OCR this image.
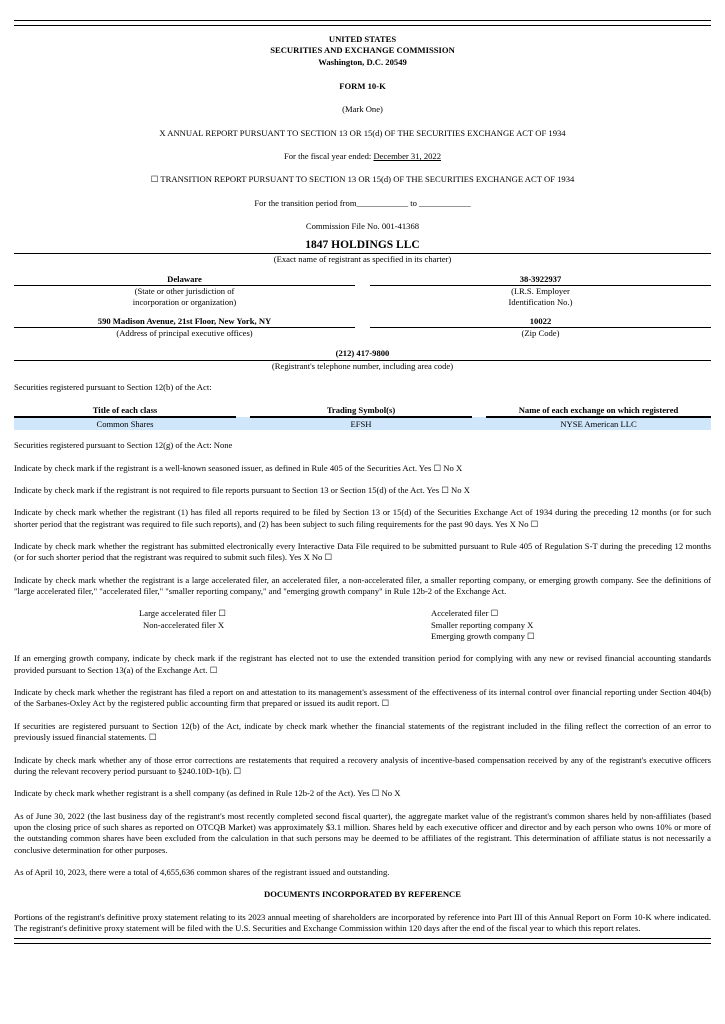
UNITED STATES
SECURITIES AND EXCHANGE COMMISSION
Washington, D.C. 20549
FORM 10-K
(Mark One)
X ANNUAL REPORT PURSUANT TO SECTION 13 OR 15(d) OF THE SECURITIES EXCHANGE ACT OF 1934
For the fiscal year ended: December 31, 2022
☐ TRANSITION REPORT PURSUANT TO SECTION 13 OR 15(d) OF THE SECURITIES EXCHANGE ACT OF 1934
For the transition period from____________ to ____________
Commission File No. 001-41368
1847 HOLDINGS LLC
(Exact name of registrant as specified in its charter)
Delaware
(State or other jurisdiction of
incorporation or organization)
38-3922937
(I.R.S. Employer
Identification No.)
590 Madison Avenue, 21st Floor, New York, NY
(Address of principal executive offices)
10022
(Zip Code)
(212) 417-9800
(Registrant's telephone number, including area code)

Securities registered pursuant to Section 12(b) of the Act:

Title of each class		Trading Symbol(s)		Name of each exchange on which registered
Common Shares		EFSH		NYSE American LLC

Securities registered pursuant to Section 12(g) of the Act: None

Indicate by check mark if the registrant is a well-known seasoned issuer, as defined in Rule 405 of the Securities Act. Yes ☐ No X

Indicate by check mark if the registrant is not required to file reports pursuant to Section 13 or Section 15(d) of the Act. Yes ☐ No X

Indicate by check mark whether the registrant (1) has filed all reports required to be filed by Section 13 or 15(d) of the Securities Exchange Act of 1934 during the preceding 12 months (or for such shorter period that the registrant was required to file such reports), and (2) has been subject to such filing requirements for the past 90 days. Yes X No ☐

Indicate by check mark whether the registrant has submitted electronically every Interactive Data File required to be submitted pursuant to Rule 405 of Regulation S-T during the preceding 12 months (or for such shorter period that the registrant was required to submit such files). Yes X No ☐

Indicate by check mark whether the registrant is a large accelerated filer, an accelerated filer, a non-accelerated filer, a smaller reporting company, or emerging growth company. See the definitions of "large accelerated filer," "accelerated filer," "smaller reporting company," and "emerging growth company" in Rule 12b-2 of the Exchange Act.

Large accelerated filer ☐
Non-accelerated filer X
Accelerated filer ☐
Smaller reporting company X
Emerging growth company ☐

If an emerging growth company, indicate by check mark if the registrant has elected not to use the extended transition period for complying with any new or revised financial accounting standards provided pursuant to Section 13(a) of the Exchange Act. ☐

Indicate by check mark whether the registrant has filed a report on and attestation to its management's assessment of the effectiveness of its internal control over financial reporting under Section 404(b) of the Sarbanes-Oxley Act by the registered public accounting firm that prepared or issued its audit report. ☐

If securities are registered pursuant to Section 12(b) of the Act, indicate by check mark whether the financial statements of the registrant included in the filing reflect the correction of an error to previously issued financial statements. ☐

Indicate by check mark whether any of those error corrections are restatements that required a recovery analysis of incentive-based compensation received by any of the registrant's executive officers during the relevant recovery period pursuant to §240.10D-1(b). ☐

Indicate by check mark whether registrant is a shell company (as defined in Rule 12b-2 of the Act). Yes ☐ No X

As of June 30, 2022 (the last business day of the registrant's most recently completed second fiscal quarter), the aggregate market value of the registrant's common shares held by non-affiliates (based upon the closing price of such shares as reported on OTCQB Market) was approximately $3.1 million. Shares held by each executive officer and director and by each person who owns 10% or more of the outstanding common shares have been excluded from the calculation in that such persons may be deemed to be affiliates of the registrant. This determination of affiliate status is not necessarily a conclusive determination for other purposes.

As of April 10, 2023, there were a total of 4,655,636 common shares of the registrant issued and outstanding.

DOCUMENTS INCORPORATED BY REFERENCE

Portions of the registrant's definitive proxy statement relating to its 2023 annual meeting of shareholders are incorporated by reference into Part III of this Annual Report on Form 10-K where indicated. The registrant's definitive proxy statement will be filed with the U.S. Securities and Exchange Commission within 120 days after the end of the fiscal year to which this report relates.
